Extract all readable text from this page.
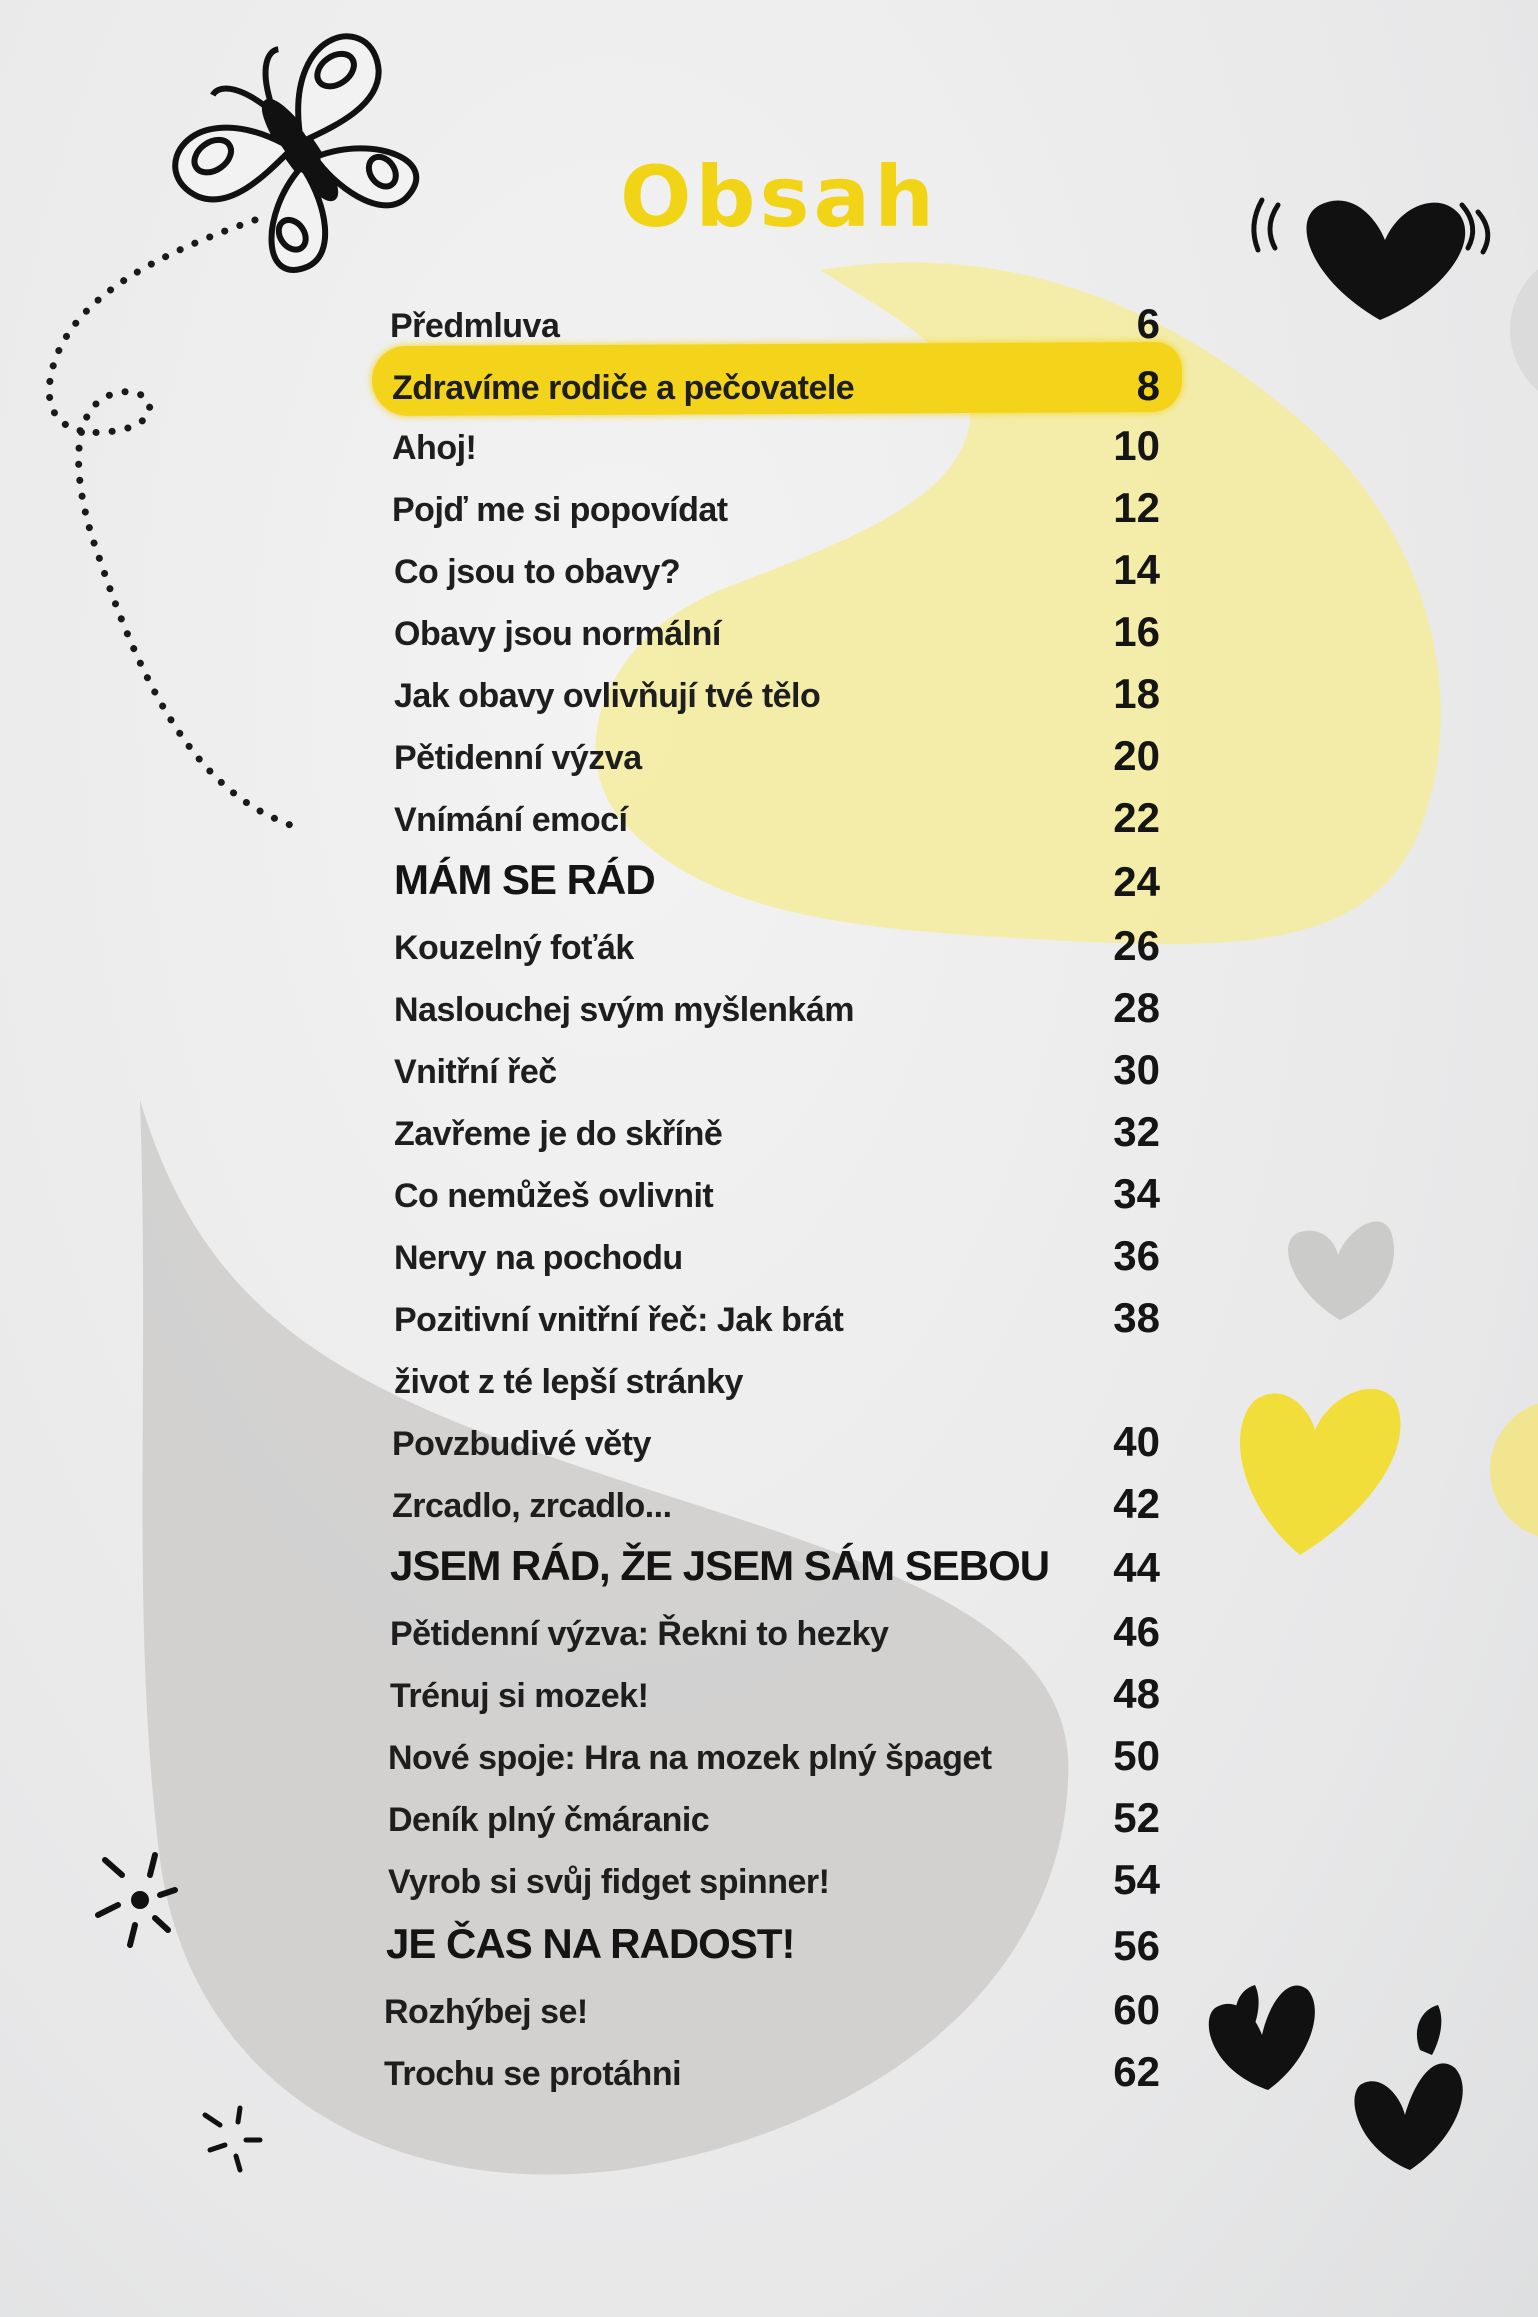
Obsah
Předmluva	6
Zdravíme rodiče a pečovatele	8
Ahoj!	10
Pojď me si popovídat	12
Co jsou to obavy?	14
Obavy jsou normální	16
Jak obavy ovlivňují tvé tělo	18
Pětidenní výzva	20
Vnímání emocí	22
MÁM SE RÁD	24
Kouzelný foťák	26
Naslouchej svým myšlenkám	28
Vnitřní řeč	30
Zavřeme je do skříně	32
Co nemůžeš ovlivnit	34
Nervy na pochodu	36
Pozitivní vnitřní řeč: Jak brát	38
život z té lepší stránky
Povzbudivé věty	40
Zrcadlo, zrcadlo...	42
JSEM RÁD, ŽE JSEM SÁM SEBOU	44
Pětidenní výzva: Řekni to hezky	46
Trénuj si mozek!	48
Nové spoje: Hra na mozek plný špaget	50
Deník plný čmáranic	52
Vyrob si svůj fidget spinner!	54
JE ČAS NA RADOST!	56
Rozhýbej se!	60
Trochu se protáhni	62
